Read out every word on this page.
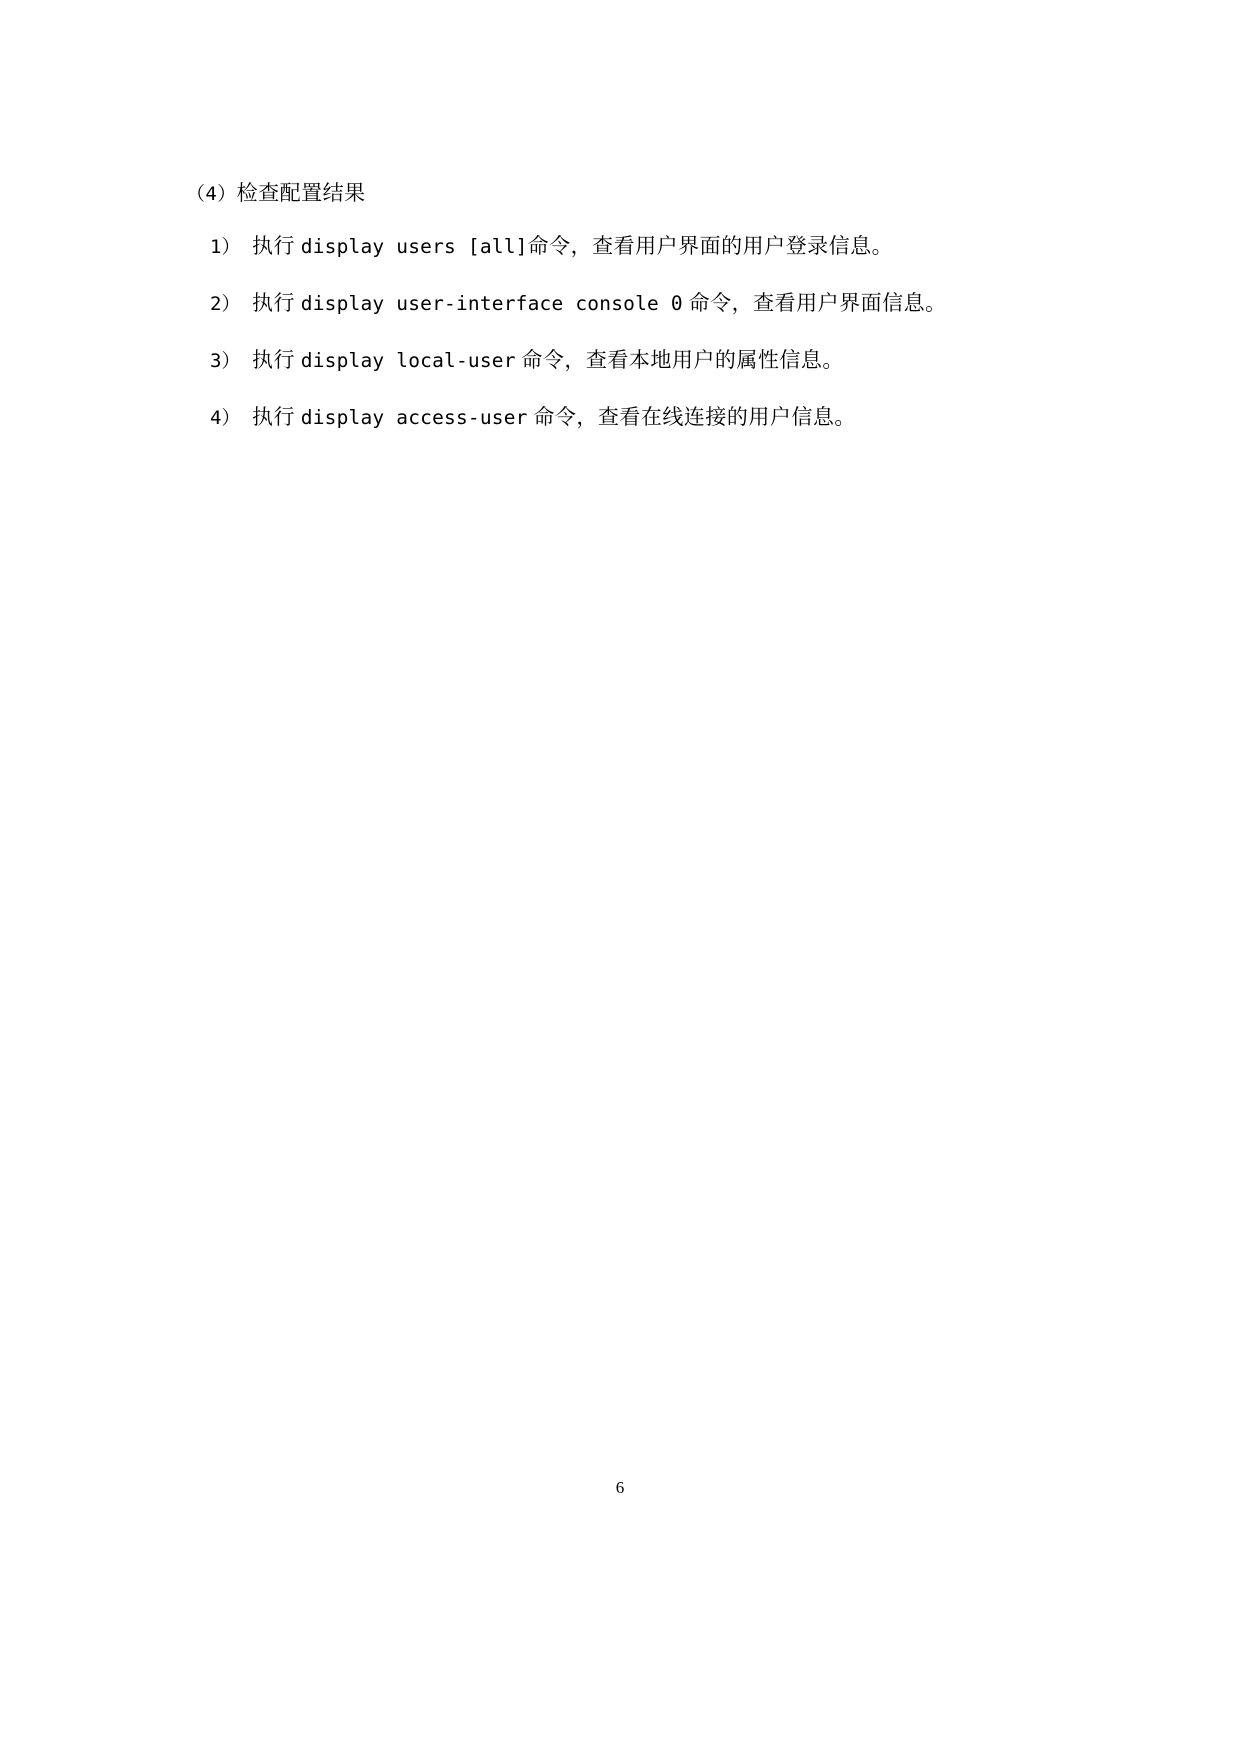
（4）检查配置结果

1） 执行 display users [all]命令，查看用户界面的用户登录信息。
2） 执行 display user-interface console 0 命令，查看用户界面信息。
3） 执行 display local-user 命令，查看本地用户的属性信息。
4） 执行 display access-user 命令，查看在线连接的用户信息。
6
